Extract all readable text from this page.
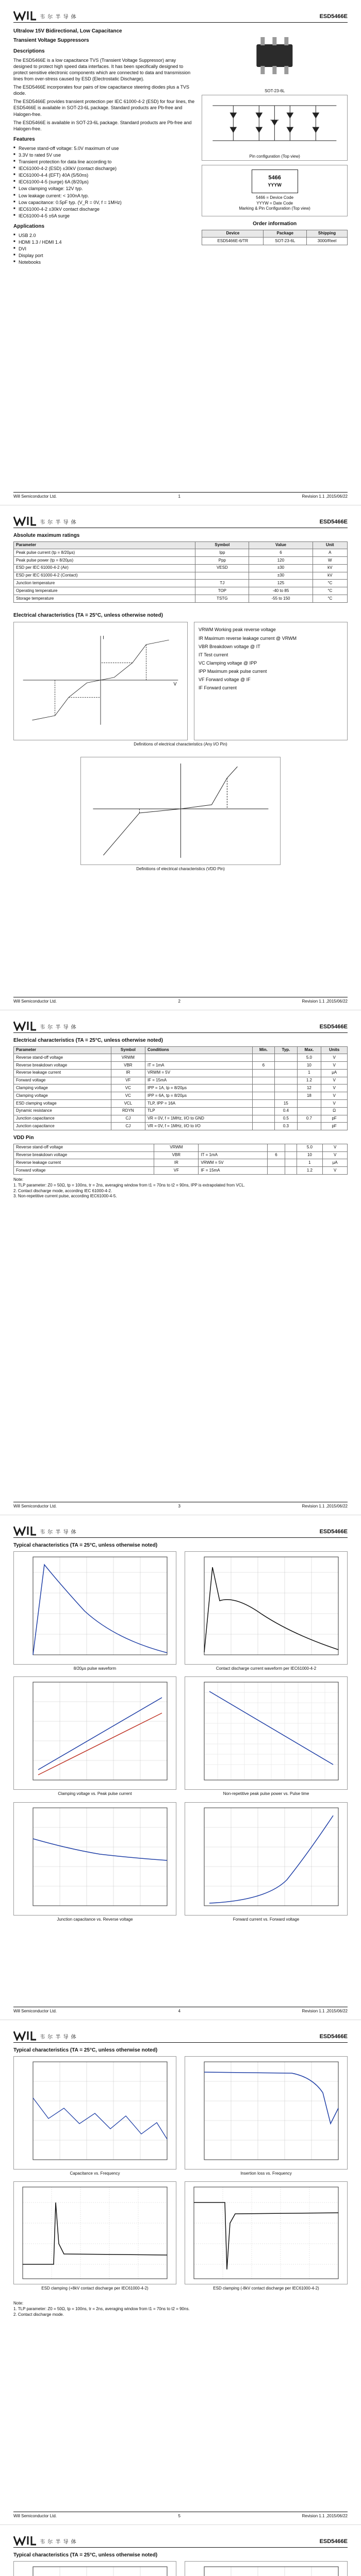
韦 尔 半 导 体	ESD5466E
Ultralow 15V Bidirectional, Low Capacitance
Transient Voltage Suppressors
Descriptions

The ESD5466E is a low capacitance TVS (Transient Voltage Suppressor) array designed to protect high speed data interfaces. It has been specifically designed to protect sensitive electronic components which are connected to data and transmission lines from over-stress caused by ESD (Electrostatic Discharge).

The ESD5466E incorporates four pairs of low capacitance steering diodes plus a TVS diode.

The ESD5466E provides transient protection per IEC 61000-4-2 (ESD) for four lines, the ESD5466E is available in SOT-23-6L package. Standard products are Pb-free and Halogen-free.

The ESD5466E is available in SOT-23-6L package. Standard products are Pb-free and Halogen-free.

Features
■ Reverse stand-off voltage: 5.0V maximum of use
■ 3.3V to rated 5V use
■ Transient protection for data line according to
■ IEC61000-4-2 (ESD) ±30kV (contact discharge)
■ IEC61000-4-4 (EFT) 40A (5/50ns)
■ IEC61000-4-5 (surge) 6A (8/20μs)
■ Low clamping voltage: 12V typ.
■ Low leakage current: < 100nA typ.
■ Low capacitance: 0.5pF typ. (V_R = 0V, f = 1MHz)
■ IEC61000-4-2 ±30kV contact discharge
■ IEC61000-4-5 ±6A surge
Applications
■ USB 2.0
■ HDMI 1.3 / HDMI 1.4
■ DVI
■ Display port
■ Notebooks
SOT-23-6L
Pin configuration (Top view)
5466
YYYW
5466 = Device Code
YYYW = Date Code
Marking & Pin Configuration (Top view)
Order information
Device	Package	Shipping
ESD5466E-6/TR	SOT-23-6L	3000/Reel
Will Semiconductor Ltd.	1	Revision 1.1 ,2015/06/22
韦 尔 半 导 体	ESD5466E
Absolute maximum ratings
Parameter	Symbol	Value	Unit
Peak pulse current (tp = 8/20μs)	Ipp	6	A
Peak pulse power (tp = 8/20μs)	Ppp	120	W
ESD per IEC 61000-4-2 (Air)	VESD	±30	kV
ESD per IEC 61000-4-2 (Contact)		±30	kV
Junction temperature	TJ	125	°C
Operating temperature	TOP	-40 to 85	°C
Storage temperature	TSTG	-55 to 150	°C
Electrical characteristics (TA = 25°C, unless otherwise noted)
I
V
VRWM Working peak reverse voltage
IR Maximum reverse leakage current @ VRWM
VBR Breakdown voltage @ IT
IT Test current
VC Clamping voltage @ IPP
IPP Maximum peak pulse current
VF Forward voltage @ IF
IF Forward current
Definitions of electrical characteristics (Any I/O Pin)
Definitions of electrical characteristics (VDD Pin)
Will Semiconductor Ltd.	2	Revision 1.1 ,2015/06/22
韦 尔 半 导 体	ESD5466E
Electrical characteristics (TA = 25°C, unless otherwise noted)
Parameter	Symbol	Conditions	Min.	Typ.	Max.	Units
Reverse stand-off voltage	VRWM				5.0	V
Reverse breakdown voltage	VBR	IT = 1mA	6		10	V
Reverse leakage current	IR	VRWM = 5V			1	μA
Forward voltage	VF	IF = 15mA			1.2	V
Clamping voltage	VC	IPP = 1A, tp = 8/20μs			12	V
Clamping voltage	VC	IPP = 6A, tp = 8/20μs			18	V
ESD clamping voltage	VCL	TLP, IPP = 16A		15		V
Dynamic resistance	RDYN	TLP		0.4		Ω
Junction capacitance	CJ	VR = 0V, f = 1MHz, I/O to GND		0.5	0.7	pF
Junction capacitance	CJ	VR = 0V, f = 1MHz, I/O to I/O		0.3		pF
VDD Pin
Reverse stand-off voltage	VRWM				5.0	V
Reverse breakdown voltage	VBR	IT = 1mA	6		10	V
Reverse leakage current	IR	VRWM = 5V			1	μA
Forward voltage	VF	IF = 15mA			1.2	V
Note:
1. TLP parameter: Z0 = 50Ω, tp = 100ns, tr = 2ns, averaging window from t1 = 70ns to t2 = 90ns, IPP is extrapolated from VCL.
2. Contact discharge mode, according IEC 61000-4-2.
3. Non-repetitive current pulse, according IEC61000-4-5.
Will Semiconductor Ltd.	3	Revision 1.1 ,2015/06/22
韦 尔 半 导 体	ESD5466E
Typical characteristics (TA = 25°C, unless otherwise noted)
8/20μs pulse waveform	Contact discharge current waveform per IEC61000-4-2
Clamping voltage vs. Peak pulse current	Non-repetitive peak pulse power vs. Pulse time
Junction capacitance vs. Reverse voltage	Forward current vs. Forward voltage
Will Semiconductor Ltd.	4	Revision 1.1 ,2015/06/22
韦 尔 半 导 体	ESD5466E
Typical characteristics (TA = 25°C, unless otherwise noted)
Capacitance vs. Frequency	Insertion loss vs. Frequency
ESD clamping (+8kV contact discharge per IEC61000-4-2)	ESD clamping (-8kV contact discharge per IEC61000-4-2)
Note:
1. TLP parameter: Z0 = 50Ω, tp = 100ns, tr = 2ns, averaging window from t1 = 70ns to t2 = 90ns.
2. Contact discharge mode.
Will Semiconductor Ltd.	5	Revision 1.1 ,2015/06/22
韦 尔 半 导 体	ESD5466E
Typical characteristics (TA = 25°C, unless otherwise noted)
